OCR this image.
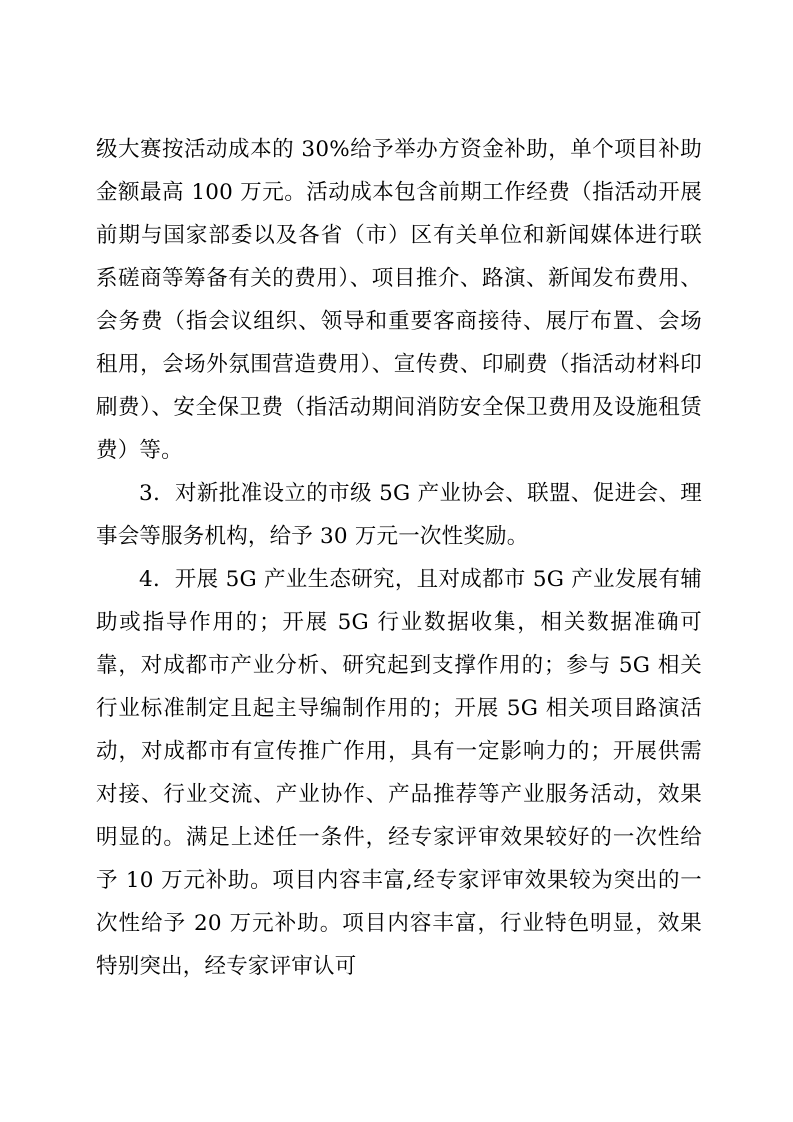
级大赛按活动成本的 30%给予举办方资金补助，单个项目补助金额最高 100 万元。活动成本包含前期工作经费（指活动开展前期与国家部委以及各省（市）区有关单位和新闻媒体进行联系磋商等筹备有关的费用）、项目推介、路演、新闻发布费用、会务费（指会议组织、领导和重要客商接待、展厅布置、会场租用，会场外氛围营造费用）、宣传费、印刷费（指活动材料印刷费）、安全保卫费（指活动期间消防安全保卫费用及设施租赁费）等。

3．对新批准设立的市级 5G 产业协会、联盟、促进会、理事会等服务机构，给予 30 万元一次性奖励。

4．开展 5G 产业生态研究，且对成都市 5G 产业发展有辅助或指导作用的；开展 5G 行业数据收集，相关数据准确可靠，对成都市产业分析、研究起到支撑作用的；参与 5G 相关行业标准制定且起主导编制作用的；开展 5G 相关项目路演活动，对成都市有宣传推广作用，具有一定影响力的；开展供需对接、行业交流、产业协作、产品推荐等产业服务活动，效果明显的。满足上述任一条件，经专家评审效果较好的一次性给予 10 万元补助。项目内容丰富,经专家评审效果较为突出的一次性给予 20 万元补助。项目内容丰富，行业特色明显，效果特别突出，经专家评审认可
